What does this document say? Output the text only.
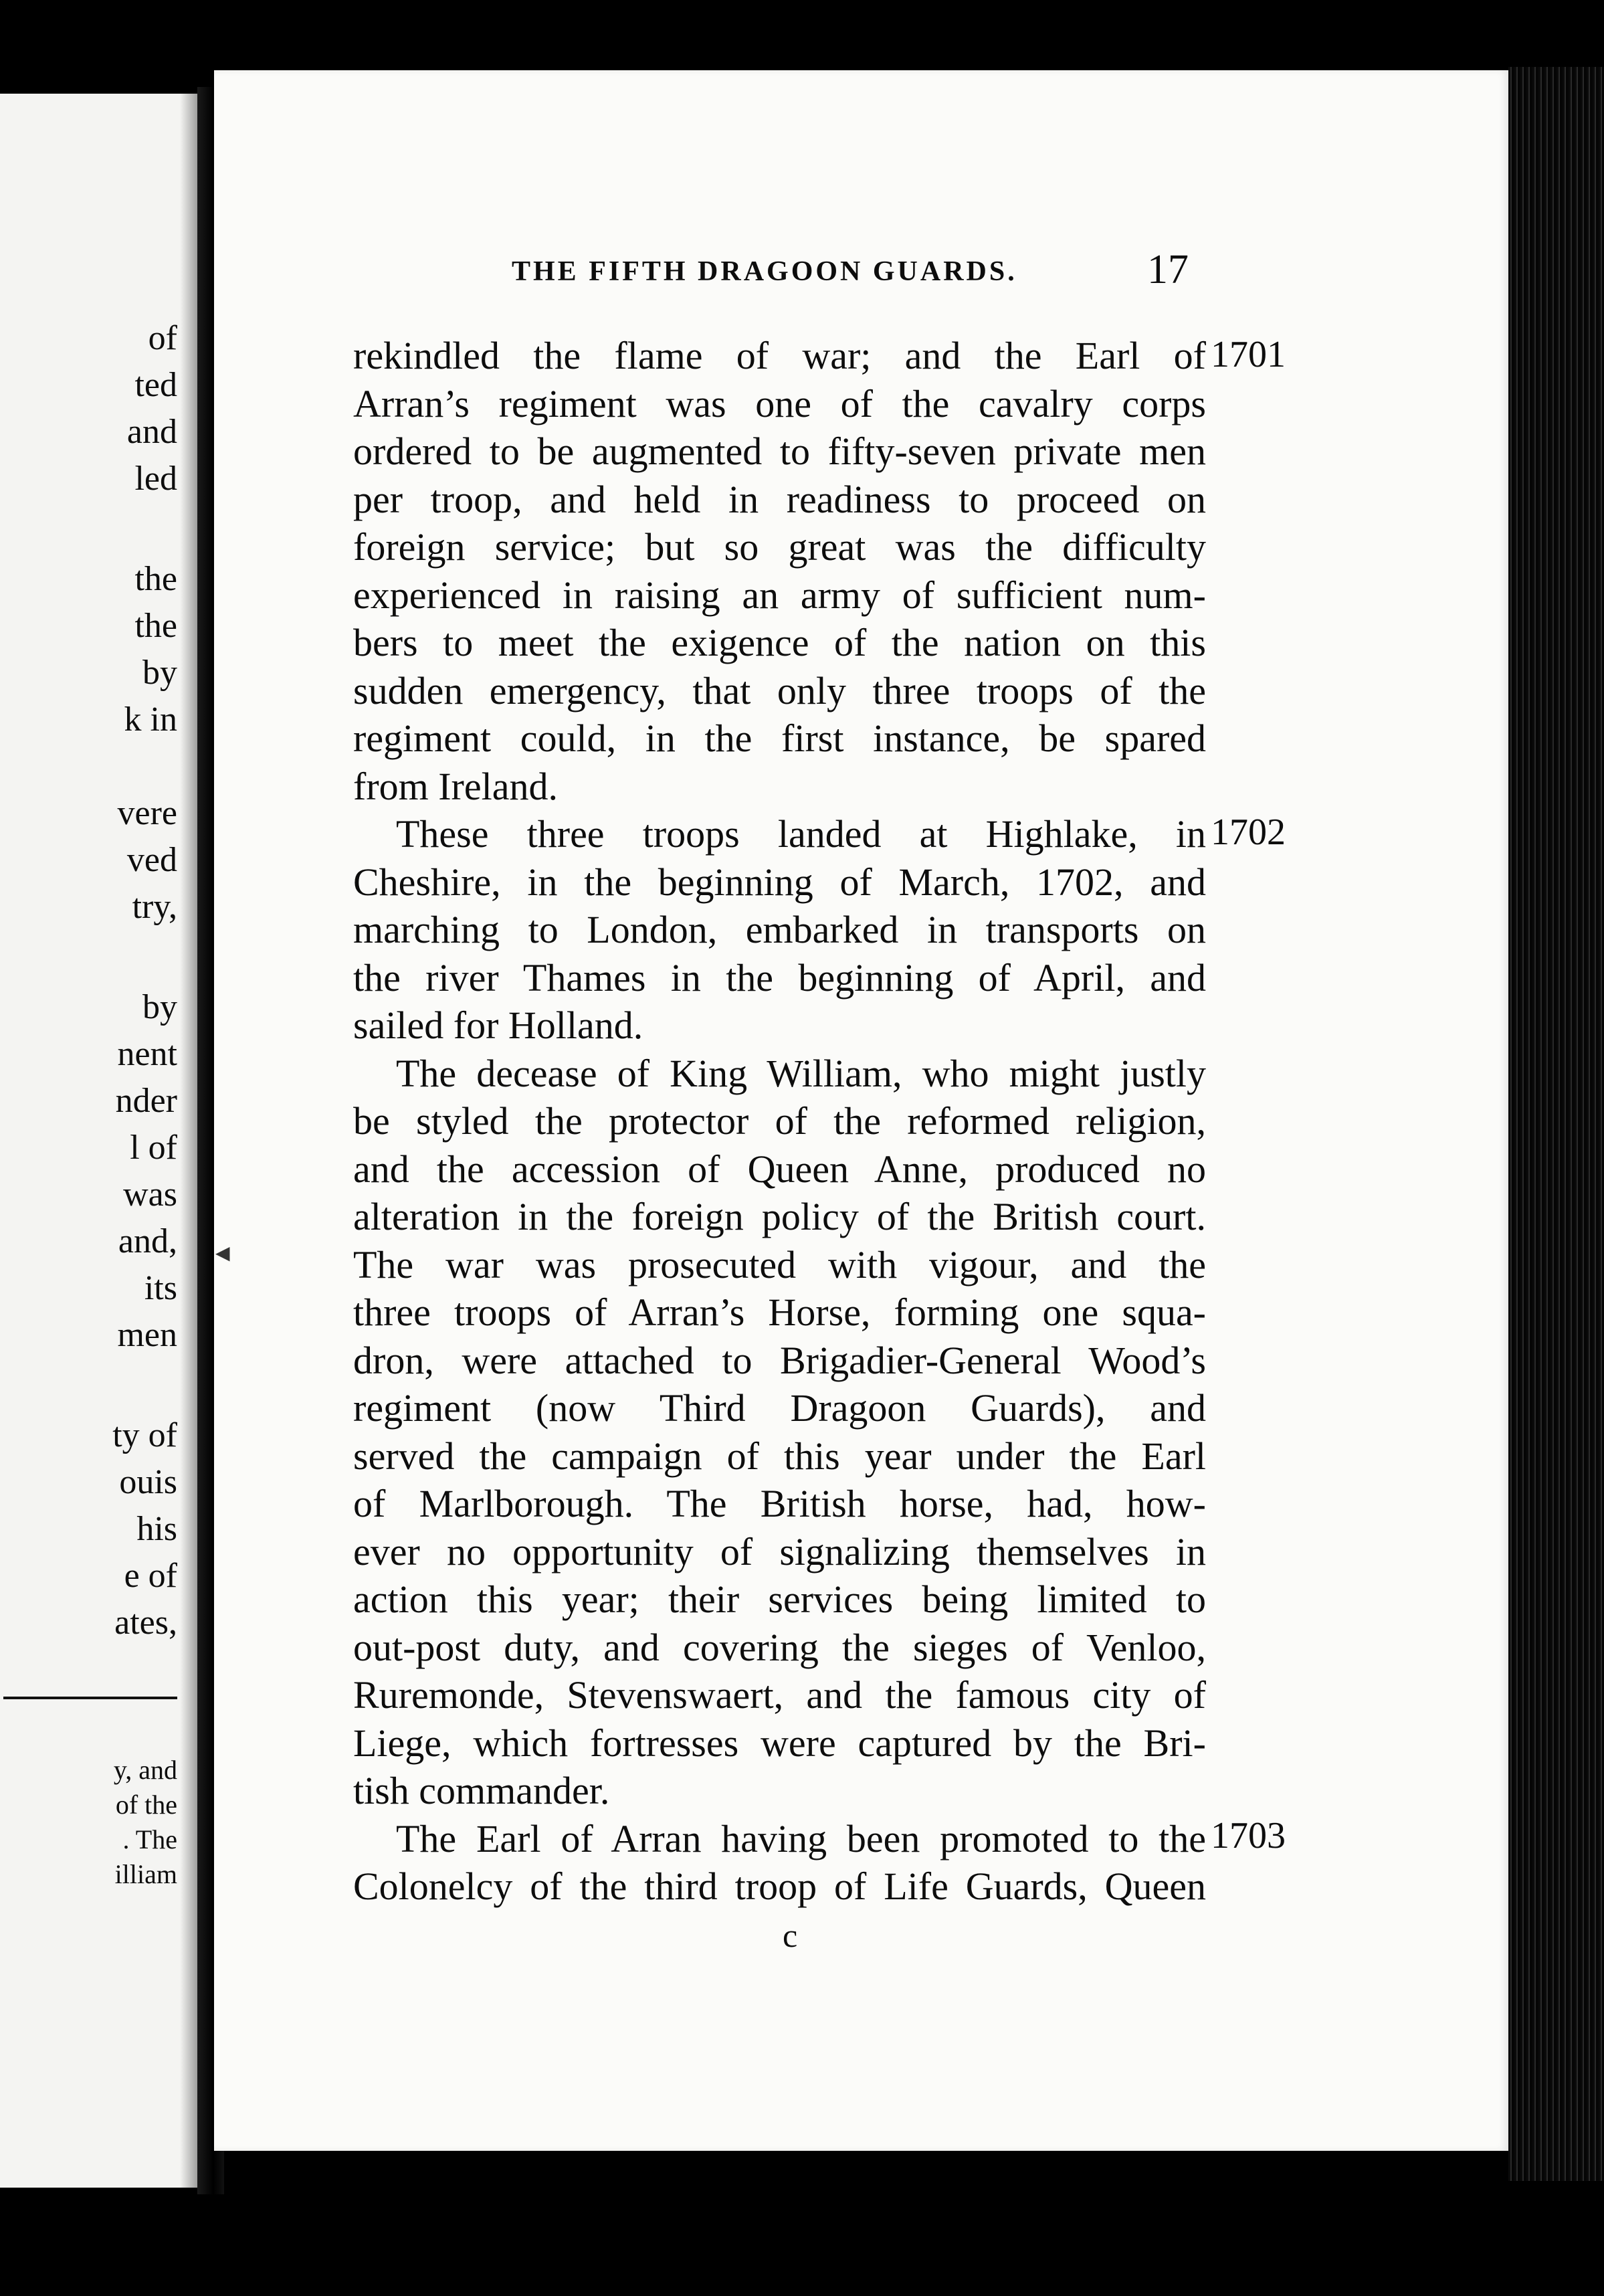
of
ted
and
led
the
the
by
k in
vere
ved
try,
by
nent
nder
l of
was
and,
its
men
ty of
ouis
his
e of
ates,
y, and
of the
. The
illiam
THE FIFTH DRAGOON GUARDS.	17
1701
1702
1703
◀

rekindled the flame of war; and the Earl of

Arran’s regiment was one of the cavalry corps

ordered to be augmented to fifty-seven private men

per troop, and held in readiness to proceed on

foreign service; but so great was the difficulty

experienced in raising an army of sufficient num-

bers to meet the exigence of the nation on this

sudden emergency, that only three troops of the

regiment could, in the first instance, be spared

from Ireland.

These three troops landed at Highlake, in

Cheshire, in the beginning of March, 1702, and

marching to London, embarked in transports on

the river Thames in the beginning of April, and

sailed for Holland.

The decease of King William, who might justly

be styled the protector of the reformed religion,

and the accession of Queen Anne, produced no

alteration in the foreign policy of the British court.

The war was prosecuted with vigour, and the

three troops of Arran’s Horse, forming one squa-

dron, were attached to Brigadier-General Wood’s

regiment (now Third Dragoon Guards), and

served the campaign of this year under the Earl

of Marlborough. The British horse, had, how-

ever no opportunity of signalizing themselves in

action this year; their services being limited to

out-post duty, and covering the sieges of Venloo,

Ruremonde, Stevenswaert, and the famous city of

Liege, which fortresses were captured by the Bri-

tish commander.

The Earl of Arran having been promoted to the

Colonelcy of the third troop of Life Guards, Queen

c
